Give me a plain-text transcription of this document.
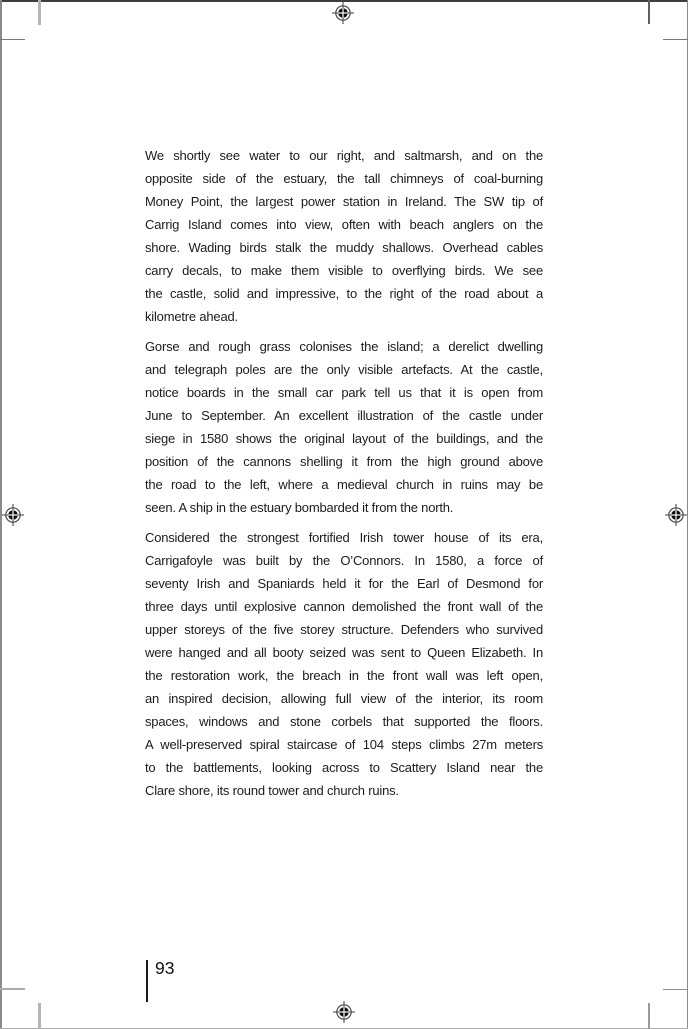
We shortly see water to our right, and saltmarsh, and on the
opposite side of the estuary, the tall chimneys of coal-burning
Money Point, the largest power station in Ireland. The SW tip of
Carrig Island comes into view, often with beach anglers on the
shore. Wading birds stalk the muddy shallows. Overhead cables
carry decals, to make them visible to overflying birds. We see
the castle, solid and impressive, to the right of the road about a
kilometre ahead.
Gorse and rough grass colonises the island; a derelict dwelling
and telegraph poles are the only visible artefacts. At the castle,
notice boards in the small car park tell us that it is open from
June to September. An excellent illustration of the castle under
siege in 1580 shows the original layout of the buildings, and the
position of the cannons shelling it from the high ground above
the road to the left, where a medieval church in ruins may be
seen. A ship in the estuary bombarded it from the north.
Considered the strongest fortified Irish tower house of its era,
Carrigafoyle was built by the O’Connors. In 1580, a force of
seventy Irish and Spaniards held it for the Earl of Desmond for
three days until explosive cannon demolished the front wall of the
upper storeys of the five storey structure. Defenders who survived
were hanged and all booty seized was sent to Queen Elizabeth. In
the restoration work, the breach in the front wall was left open,
an inspired decision, allowing full view of the interior, its room
spaces, windows and stone corbels that supported the floors.
A well-preserved spiral staircase of 104 steps climbs 27m meters
to the battlements, looking across to Scattery Island near the
Clare shore, its round tower and church ruins.
93
